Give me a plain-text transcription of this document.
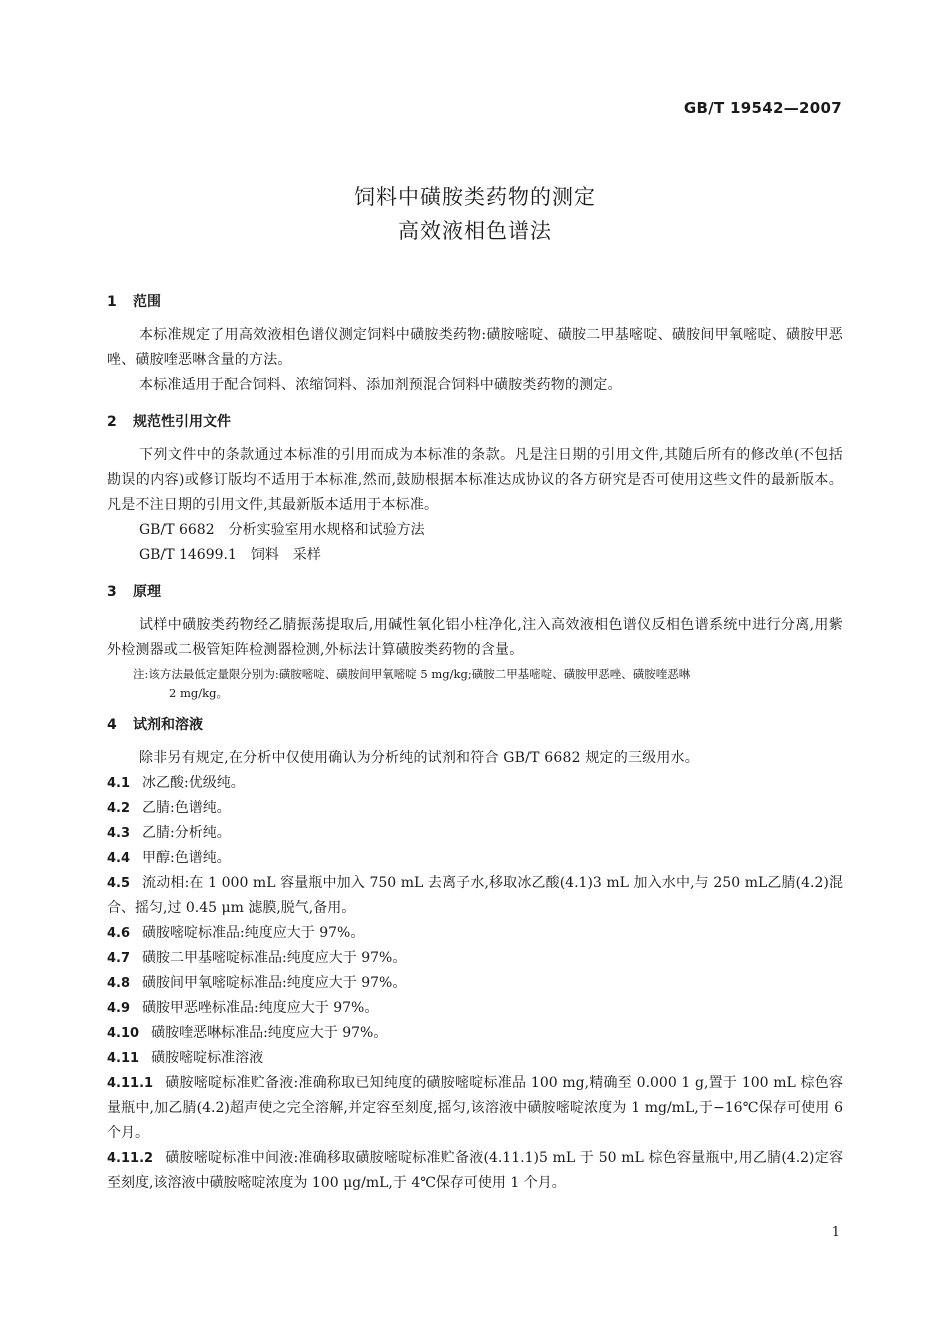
GB/T 19542—2007
饲料中磺胺类药物的测定
高效液相色谱法
1 范围

本标准规定了用高效液相色谱仪测定饲料中磺胺类药物:磺胺嘧啶、磺胺二甲基嘧啶、磺胺间甲氧嘧啶、磺胺甲恶唑、磺胺喹恶啉含量的方法。

本标准适用于配合饲料、浓缩饲料、添加剂预混合饲料中磺胺类药物的测定。

2 规范性引用文件

下列文件中的条款通过本标准的引用而成为本标准的条款。凡是注日期的引用文件,其随后所有的修改单(不包括勘误的内容)或修订版均不适用于本标准,然而,鼓励根据本标准达成协议的各方研究是否可使用这些文件的最新版本。凡是不注日期的引用文件,其最新版本适用于本标准。

GB/T 6682 分析实验室用水规格和试验方法

GB/T 14699.1 饲料　采样

3 原理

试样中磺胺类药物经乙腈振荡提取后,用碱性氧化铝小柱净化,注入高效液相色谱仪反相色谱系统中进行分离,用紫外检测器或二极管矩阵检测器检测,外标法计算磺胺类药物的含量。

注:该方法最低定量限分别为:磺胺嘧啶、磺胺间甲氧嘧啶 5 mg/kg;磺胺二甲基嘧啶、磺胺甲恶唑、磺胺喹恶啉
2 mg/kg。

4 试剂和溶液

除非另有规定,在分析中仅使用确认为分析纯的试剂和符合 GB/T 6682 规定的三级用水。

4.1 冰乙酸:优级纯。

4.2 乙腈:色谱纯。

4.3 乙腈:分析纯。

4.4 甲醇:色谱纯。

4.5 流动相:在 1 000 mL 容量瓶中加入 750 mL 去离子水,移取冰乙酸(4.1)3 mL 加入水中,与 250 mL乙腈(4.2)混合、摇匀,过 0.45 μm 滤膜,脱气,备用。

4.6 磺胺嘧啶标准品:纯度应大于 97%。

4.7 磺胺二甲基嘧啶标准品:纯度应大于 97%。

4.8 磺胺间甲氧嘧啶标准品:纯度应大于 97%。

4.9 磺胺甲恶唑标准品:纯度应大于 97%。

4.10 磺胺喹恶啉标准品:纯度应大于 97%。

4.11 磺胺嘧啶标准溶液

4.11.1 磺胺嘧啶标准贮备液:准确称取已知纯度的磺胺嘧啶标准品 100 mg,精确至 0.000 1 g,置于 100 mL 棕色容量瓶中,加乙腈(4.2)超声使之完全溶解,并定容至刻度,摇匀,该溶液中磺胺嘧啶浓度为 1 mg/mL,于−16℃保存可使用 6 个月。

4.11.2 磺胺嘧啶标准中间液:准确移取磺胺嘧啶标准贮备液(4.11.1)5 mL 于 50 mL 棕色容量瓶中,用乙腈(4.2)定容至刻度,该溶液中磺胺嘧啶浓度为 100 μg/mL,于 4℃保存可使用 1 个月。

1
